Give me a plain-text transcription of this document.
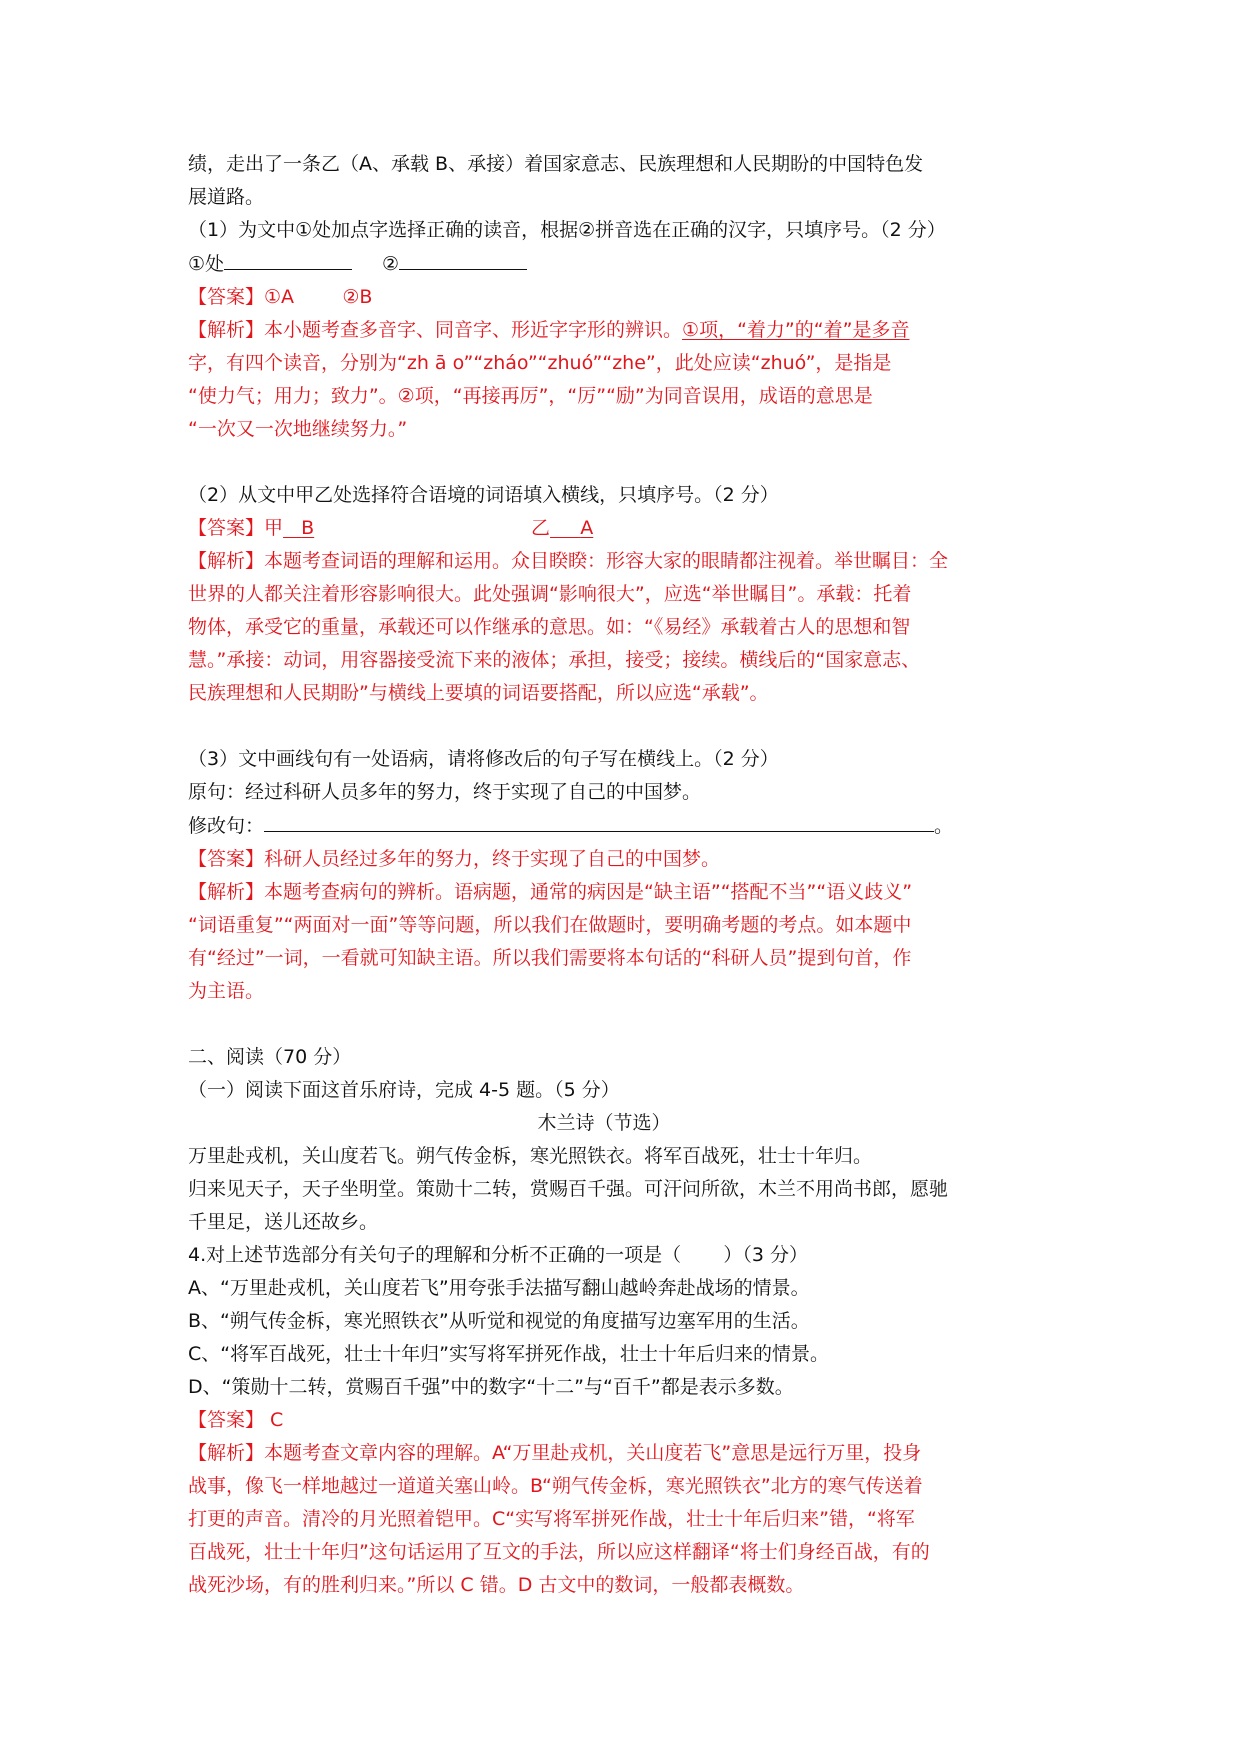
绩，走出了一条乙（A、承载 B、承接）着国家意志、民族理想和人民期盼的中国特色发

展道路。

（1）为文中①处加点字选择正确的读音，根据②拼音选在正确的汉字，只填序号。（2 分）

①处	②

【答案】①A        ②B

【解析】本小题考查多音字、同音字、形近字字形的辨识。①项，“着力”的“着”是多音

字，有四个读音，分别为“zh ā o”“zháo”“zhuó”“zhe”，此处应读“zhuó”，是指是

“使力气；用力；致力”。②项，“再接再厉”，“厉”“励”为同音误用，成语的意思是

“一次又一次地继续努力。”

（2）从文中甲乙处选择符合语境的词语填入横线，只填序号。（2 分）

【答案】甲 B	乙 A

【解析】本题考查词语的理解和运用。众目睽睽：形容大家的眼睛都注视着。举世瞩目：全

世界的人都关注着形容影响很大。此处强调“影响很大”，应选“举世瞩目”。承载：托着

物体，承受它的重量，承载还可以作继承的意思。如：“《易经》承载着古人的思想和智

慧。”承接：动词，用容器接受流下来的液体；承担，接受；接续。横线后的“国家意志、

民族理想和人民期盼”与横线上要填的词语要搭配，所以应选“承载”。

（3）文中画线句有一处语病，请将修改后的句子写在横线上。（2 分）

原句：经过科研人员多年的努力，终于实现了自己的中国梦。

修改句：	。

【答案】科研人员经过多年的努力，终于实现了自己的中国梦。

【解析】本题考查病句的辨析。语病题，通常的病因是“缺主语”“搭配不当”“语义歧义”

“词语重复”“两面对一面”等等问题，所以我们在做题时，要明确考题的考点。如本题中

有“经过”一词，一看就可知缺主语。所以我们需要将本句话的“科研人员”提到句首，作

为主语。

二、阅读（70 分）

（一）阅读下面这首乐府诗，完成 4-5 题。（5 分）

木兰诗（节选）

万里赴戎机，关山度若飞。朔气传金柝，寒光照铁衣。将军百战死，壮士十年归。

归来见天子，天子坐明堂。策勋十二转，赏赐百千强。可汗问所欲，木兰不用尚书郎，愿驰

千里足，送儿还故乡。

4.对上述节选部分有关句子的理解和分析不正确的一项是（       ）（3 分）

A、“万里赴戎机，关山度若飞”用夸张手法描写翻山越岭奔赴战场的情景。

B、“朔气传金柝，寒光照铁衣”从听觉和视觉的角度描写边塞军用的生活。

C、“将军百战死，壮士十年归”实写将军拼死作战，壮士十年后归来的情景。

D、“策勋十二转，赏赐百千强”中的数字“十二”与“百千”都是表示多数。

【答案】 C

【解析】本题考查文章内容的理解。A“万里赴戎机，关山度若飞”意思是远行万里，投身

战事，像飞一样地越过一道道关塞山岭。B“朔气传金柝，寒光照铁衣”北方的寒气传送着

打更的声音。清冷的月光照着铠甲。C“实写将军拼死作战，壮士十年后归来”错，“将军

百战死，壮士十年归”这句话运用了互文的手法，所以应这样翻译“将士们身经百战，有的

战死沙场，有的胜利归来。”所以 C 错。D 古文中的数词，一般都表概数。
